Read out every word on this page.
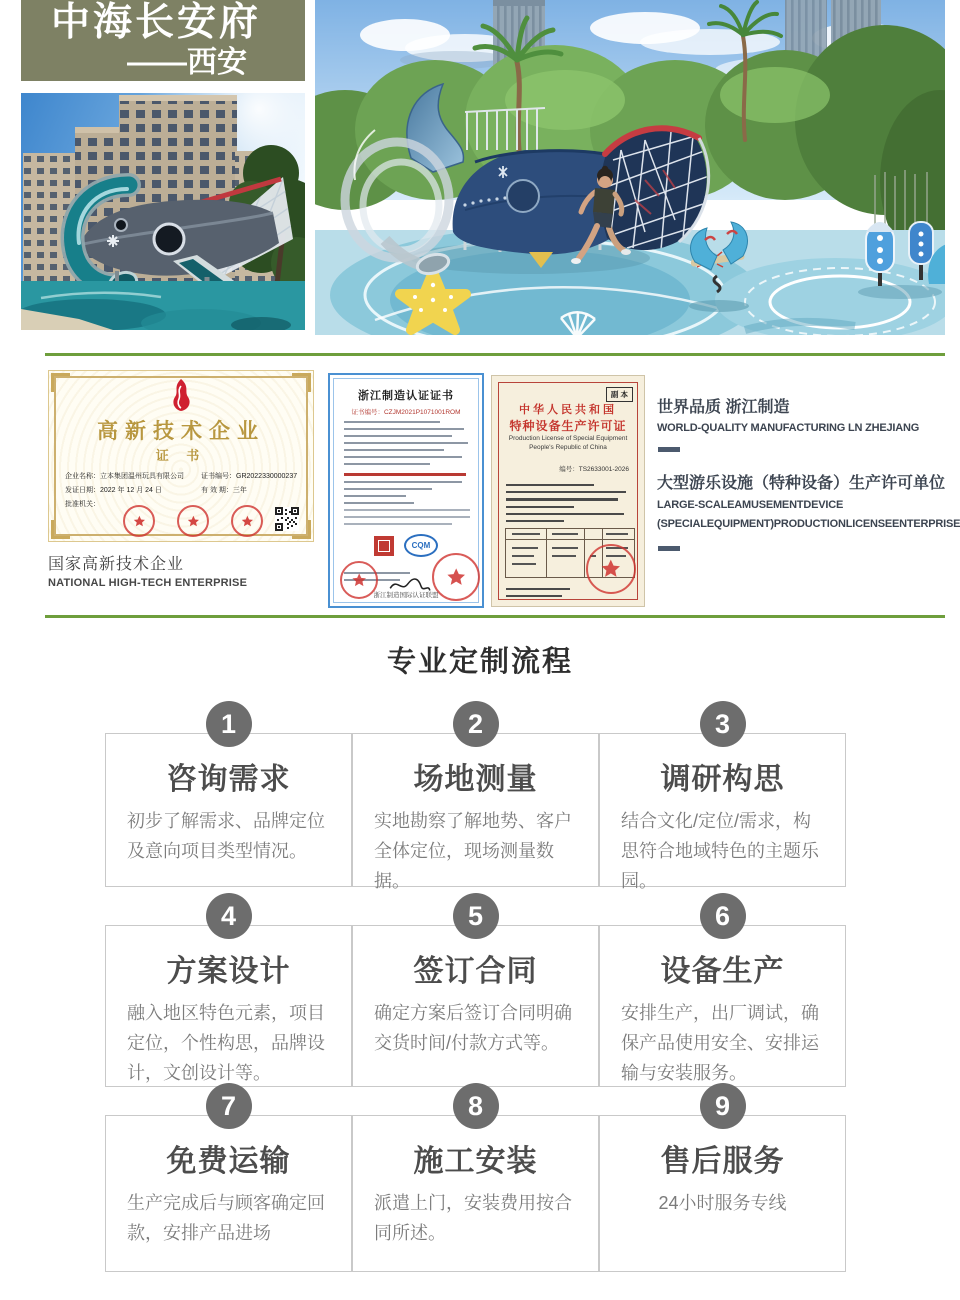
中海长安府
——西安
高新技术企业
证 书
企业名称：立本集团温州玩具有限公司 证书编号：GR2022330000237
发证日期：2022 年 12 月 24 日	有 效 期：三年
批准机关：
国家高新技术企业
NATIONAL HIGH-TECH ENTERPRISE
浙江制造认证证书
证书编号：CZJM2021P1071001ROM
CQM
浙江制造国际认证联盟
副 本
中华人民共和国
特种设备生产许可证
Production License of Special Equipment
People's Republic of China
编号：TS2633001-2026
世界品质 浙江制造
WORLD-QUALITY MANUFACTURING LN ZHEJIANG
大型游乐设施（特种设备）生产许可单位
LARGE-SCALEAMUSEMENTDEVICE
(SPECIALEQUIPMENT)PRODUCTIONLICENSEENTERPRISE
专业定制流程
1
咨询需求
初步了解需求、品牌定位及意向项目类型情况。
2
场地测量
实地勘察了解地势、客户全体定位，现场测量数据。
3
调研构思
结合文化/定位/需求，构思符合地域特色的主题乐园。
4
方案设计
融入地区特色元素，项目定位，个性构思，品牌设计，文创设计等。
5
签订合同
确定方案后签订合同明确交货时间/付款方式等。
6
设备生产
安排生产，出厂调试，确保产品使用安全、安排运输与安装服务。
7
免费运输
生产完成后与顾客确定回款，安排产品进场
8
施工安装
派遣上门，安装费用按合同所述。
9
售后服务
24小时服务专线
